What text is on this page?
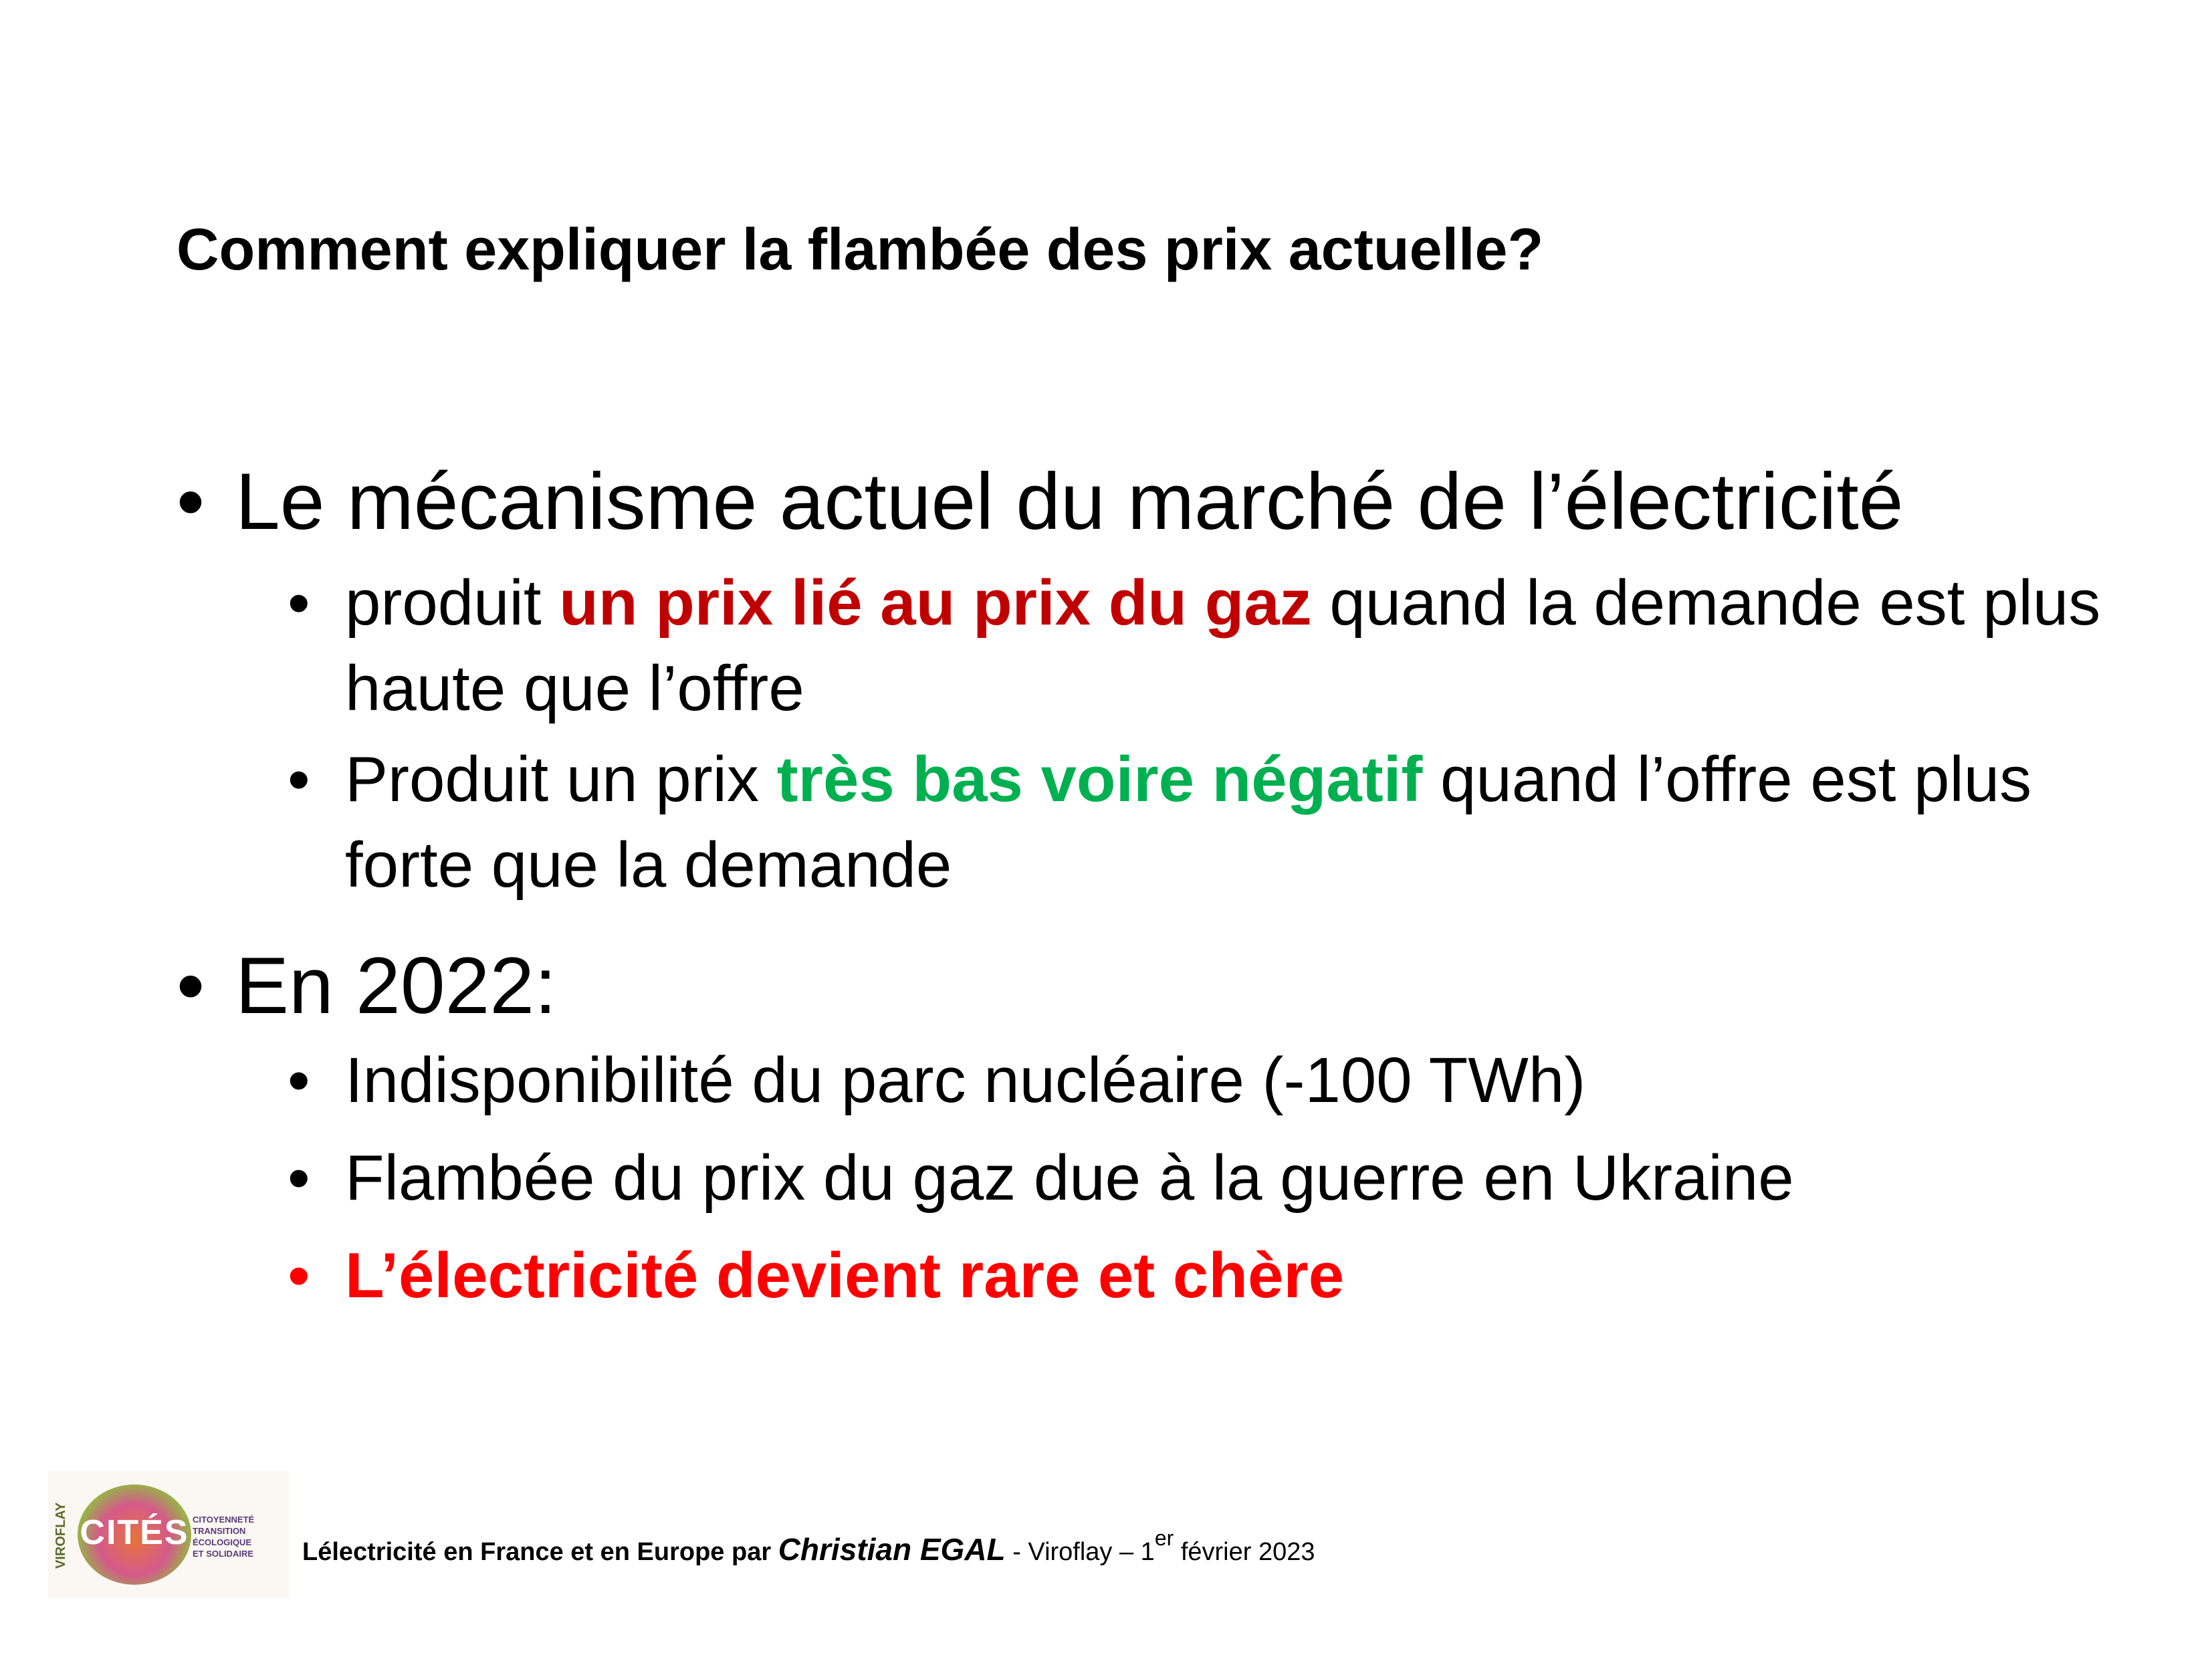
Comment expliquer la flambée des prix actuelle?
• Le mécanisme actuel du marché de l’électricité
• produit un prix lié au prix du gaz quand la demande est plus haute que l’offre
• Produit un prix très bas voire négatif quand l’offre est plus forte que la demande
• En 2022:
• Indisponibilité du parc nucléaire (-100 TWh)
• Flambée du prix du gaz due à la guerre en Ukraine
• L’électricité devient rare et chère
VIROFLAY CITÉS CITOYENNETÉ
TRANSITION ÉCOLOGIQUE
ET SOLIDAIRE	Lélectricité en France et en Europe par Christian EGAL - Viroflay – 1er février 2023
